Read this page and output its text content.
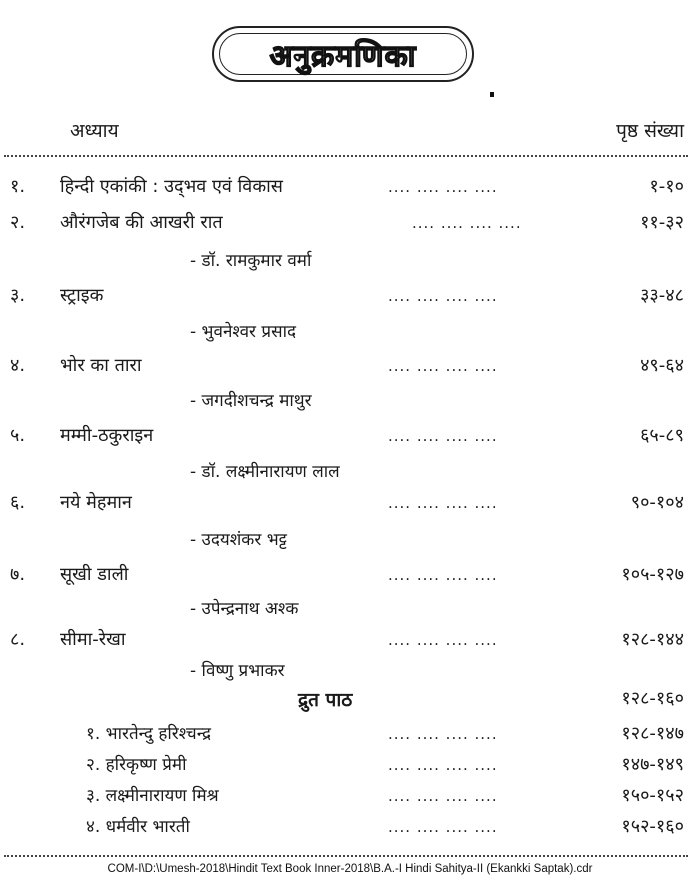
अनुक्रमणिका
अध्याय	पृष्ठ संख्या
१. हिन्दी एकांकी : उद्‌भव एवं विकास	.... .... .... ....	१-१०
२. औरंगजेब की आखरी रात	.... .... .... ....	११-३२
- डॉ. रामकुमार वर्मा
३. स्ट्राइक	.... .... .... ....	३३-४८
- भुवनेश्वर प्रसाद
४. भोर का तारा	.... .... .... ....	४९-६४
- जगदीशचन्द्र माथुर
५. मम्मी-ठकुराइन	.... .... .... ....	६५-८९
- डॉ. लक्ष्मीनारायण लाल
६. नये मेहमान	.... .... .... ....	९०-१०४
- उदयशंकर भट्ट
७. सूखी डाली	.... .... .... ....	१०५-१२७
- उपेन्द्रनाथ अश्क
८. सीमा-रेखा	.... .... .... ....	१२८-१४४
- विष्णु प्रभाकर
द्रुत पाठ	१२८-१६०
१. भारतेन्दु हरिश्चन्द्र	.... .... .... ....	१२८-१४७
२. हरिकृष्ण प्रेमी	.... .... .... ....	१४७-१४९
३. लक्ष्मीनारायण मिश्र	.... .... .... ....	१५०-१५२
४. धर्मवीर भारती	.... .... .... ....	१५२-१६०
COM-I\D:\Umesh-2018\Hindit Text Book Inner-2018\B.A.-I Hindi Sahitya-II (Ekankki Saptak).cdr
